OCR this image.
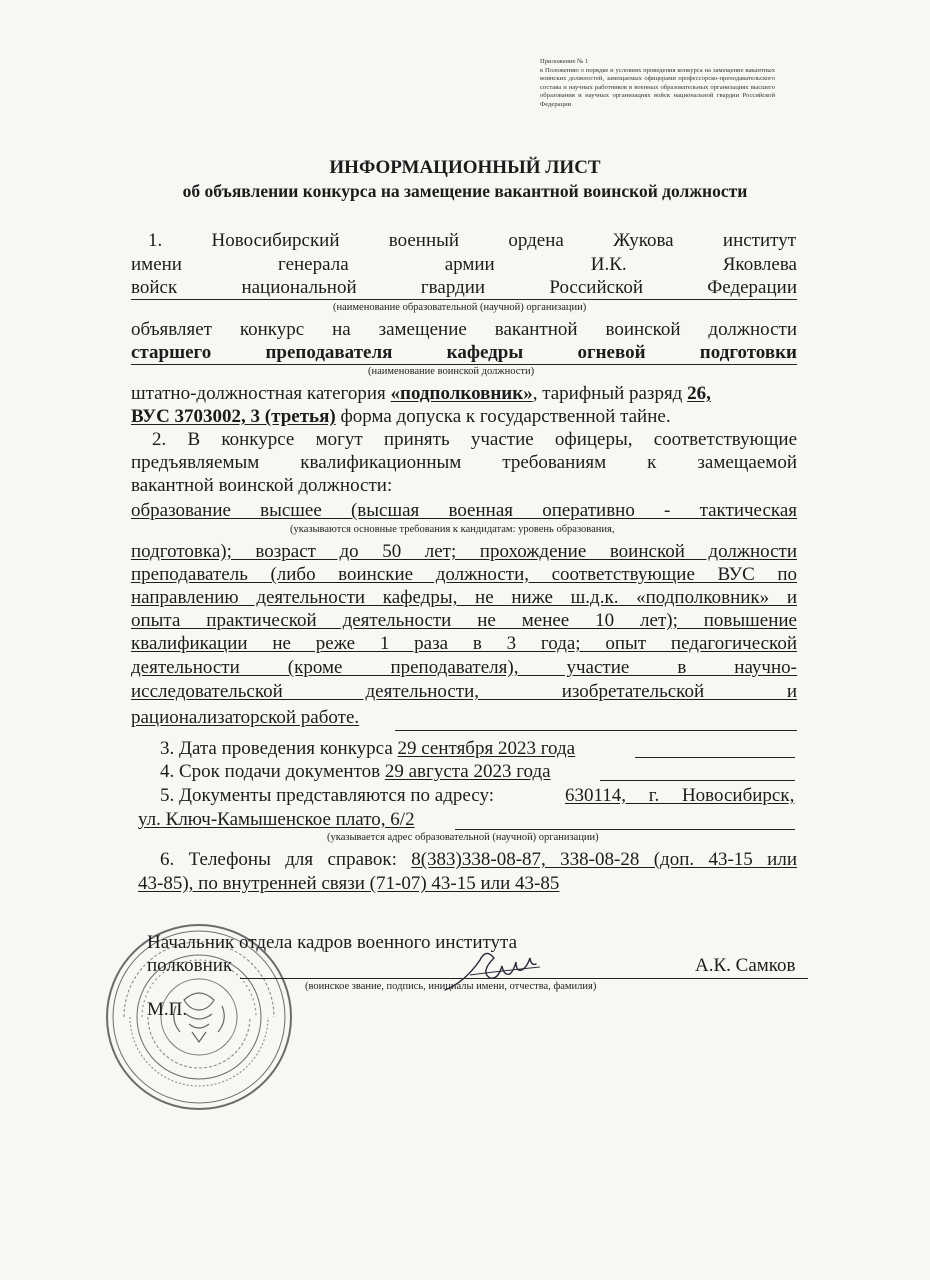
Приложение № 1
к Положению о порядке и условиях проведения конкурса на замещение вакантных воинских должностей, замещаемых офицерами профессорско-преподавательского состава и научных работников в военных образовательных организациях высшего образования и научных организациях войск национальной гвардии Российской Федерации
ИНФОРМАЦИОННЫЙ ЛИСТ
об объявлении конкурса на замещение вакантной воинской должности
1. Новосибирский военный ордена Жукова институт
имени генерала армии И.К. Яковлева
войск национальной гвардии Российской Федерации
(наименование образовательной (научной) организации)
объявляет конкурс на замещение вакантной воинской должности
старшего преподавателя кафедры огневой подготовки
(наименование воинской должности)
штатно-должностная категория «подполковник», тарифный разряд 26,
ВУС 3703002, 3 (третья) форма допуска к государственной тайне.
2. В конкурсе могут принять участие офицеры, соответствующие
предъявляемым квалификационным требованиям к замещаемой
вакантной воинской должности:
образование высшее (высшая военная оперативно - тактическая
(указываются основные требования к кандидатам: уровень образования,
подготовка); возраст до 50 лет; прохождение воинской должности
преподаватель (либо воинские должности, соответствующие ВУС по
направлению деятельности кафедры, не ниже ш.д.к. «подполковник» и
опыта практической деятельности не менее 10 лет); повышение
квалификации не реже 1 раза в 3 года; опыт педагогической
деятельности (кроме преподавателя), участие в научно-
исследовательской деятельности, изобретательской и
рационализаторской работе.
3. Дата проведения конкурса 29 сентября 2023 года
4. Срок подачи документов 29 августа 2023 года
5. Документы представляются по адресу:	630114, г. Новосибирск,
ул. Ключ-Камышенское плато, 6/2
(указывается адрес образовательной (научной) организации)
6. Телефоны для справок: 8(383)338-08-87, 338-08-28 (доп. 43-15 или
43-85), по внутренней связи (71-07) 43-15 или 43-85
Начальник отдела кадров военного института
полковник	А.К. Самков
(воинское звание, подпись, инициалы имени, отчества, фамилия)
М.П.
